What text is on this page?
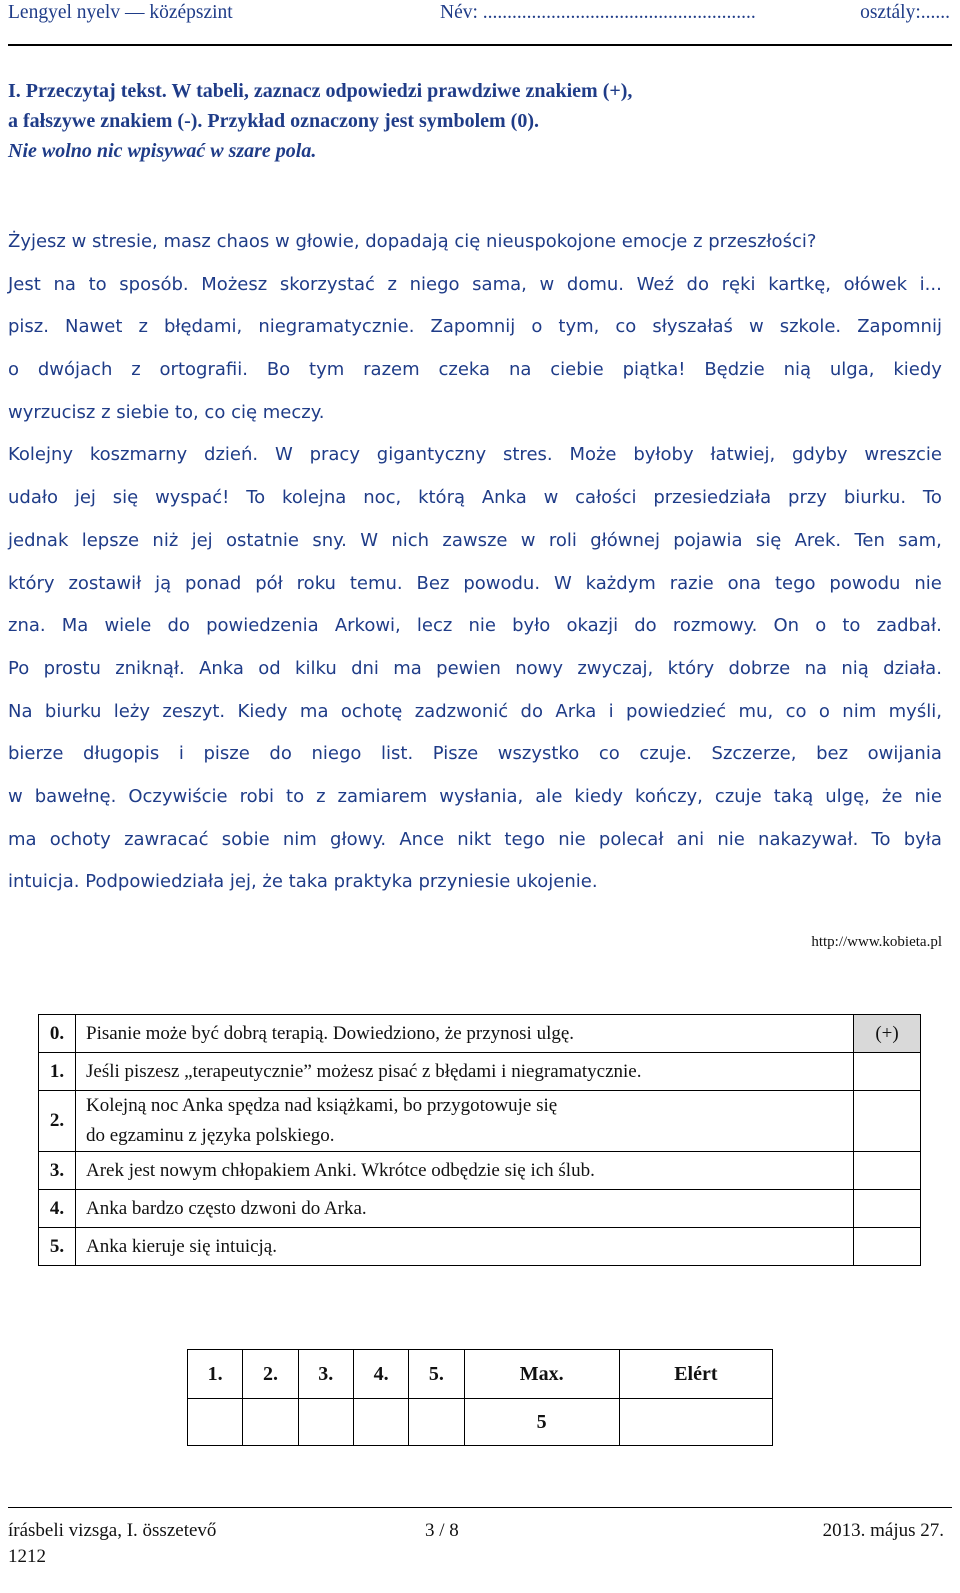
Lengyel nyelv — középszint	Név: ........................................................	osztály:......
I. Przeczytaj tekst. W tabeli, zaznacz odpowiedzi prawdziwe znakiem (+),
a fałszywe znakiem (-). Przykład oznaczony jest symbolem (0).
Nie wolno nic wpisywać w szare pola.
Żyjesz w stresie, masz chaos w głowie, dopadają cię nieuspokojone emocje z przeszłości?
Jest na to sposób. Możesz skorzystać z niego sama, w domu. Weź do ręki kartkę, ołówek i...
pisz. Nawet z błędami, niegramatycznie. Zapomnij o tym, co słyszałaś w szkole. Zapomnij
o dwójach z ortografii. Bo tym razem czeka na ciebie piątka! Będzie nią ulga, kiedy
wyrzucisz z siebie to, co cię meczy.
Kolejny koszmarny dzień. W pracy gigantyczny stres. Może byłoby łatwiej, gdyby wreszcie
udało jej się wyspać! To kolejna noc, którą Anka w całości przesiedziała przy biurku. To
jednak lepsze niż jej ostatnie sny. W nich zawsze w roli głównej pojawia się Arek. Ten sam,
który zostawił ją ponad pół roku temu. Bez powodu. W każdym razie ona tego powodu nie
zna. Ma wiele do powiedzenia Arkowi, lecz nie było okazji do rozmowy. On o to zadbał.
Po prostu zniknął. Anka od kilku dni ma pewien nowy zwyczaj, który dobrze na nią działa.
Na biurku leży zeszyt. Kiedy ma ochotę zadzwonić do Arka i powiedzieć mu, co o nim myśli,
bierze długopis i pisze do niego list. Pisze wszystko co czuje. Szczerze, bez owijania
w bawełnę. Oczywiście robi to z zamiarem wysłania, ale kiedy kończy, czuje taką ulgę, że nie
ma ochoty zawracać sobie nim głowy. Ance nikt tego nie polecał ani nie nakazywał. To była
intuicja. Podpowiedziała jej, że taka praktyka przyniesie ukojenie.
http://www.kobieta.pl
0.	Pisanie może być dobrą terapią. Dowiedziono, że przynosi ulgę.	(+)
1.	Jeśli piszesz „terapeutycznie” możesz pisać z błędami i niegramatycznie.	

2.	Kolejną noc Anka spędza nad książkami, bo przygotowuje się
do egzaminu z języka polskiego.	

3.	Arek jest nowym chłopakiem Anki. Wkrótce odbędzie się ich ślub.	

4.	Anka bardzo często dzwoni do Arka.	

5.	Anka kieruje się intuicją.	

1.	2.	3.	4.	5.	Max.	Elért
					5	
írásbeli vizsga, I. összetevő	3 / 8	2013. május 27.
1212
